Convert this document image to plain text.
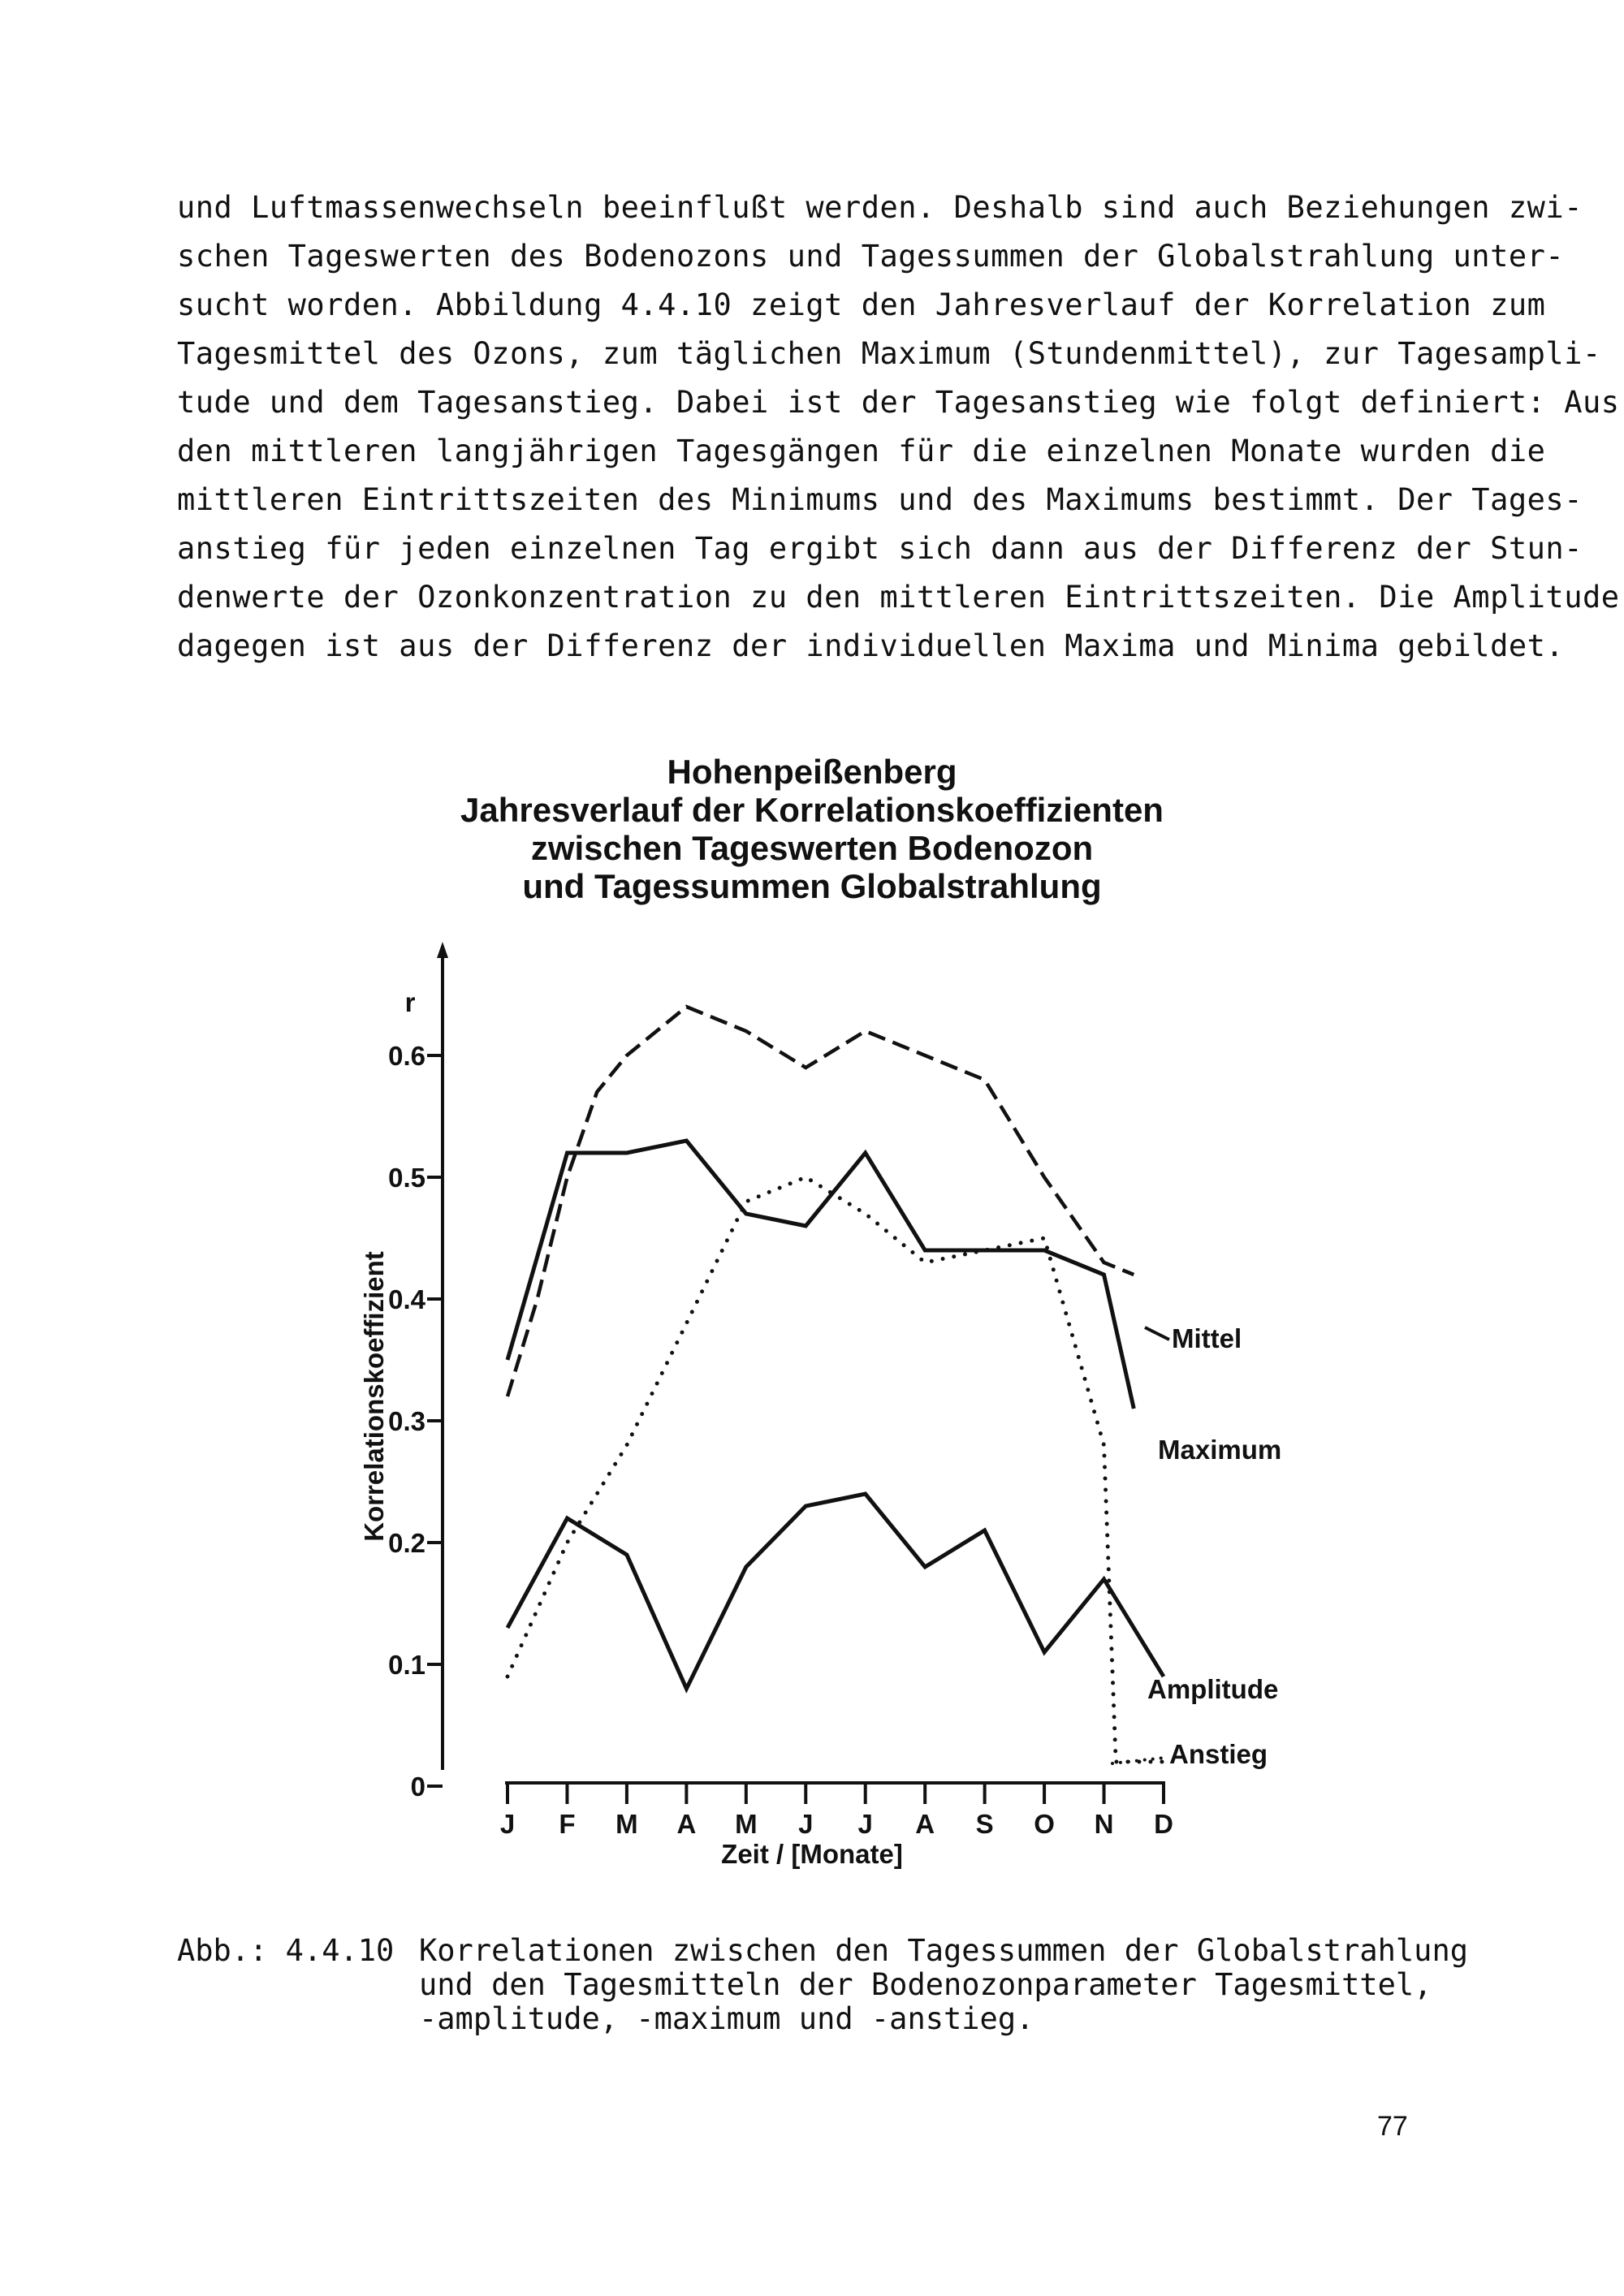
und Luftmassenwechseln beeinflußt werden. Deshalb sind auch Beziehungen zwi-
schen Tageswerten des Bodenozons und Tagessummen der Globalstrahlung unter-
sucht worden. Abbildung 4.4.10 zeigt den Jahresverlauf der Korrelation zum
Tagesmittel des Ozons, zum täglichen Maximum (Stundenmittel), zur Tagesampli-
tude und dem Tagesanstieg. Dabei ist der Tagesanstieg wie folgt definiert: Aus
den mittleren langjährigen Tagesgängen für die einzelnen Monate wurden die
mittleren Eintrittszeiten des Minimums und des Maximums bestimmt. Der Tages-
anstieg für jeden einzelnen Tag ergibt sich dann aus der Differenz der Stun-
denwerte der Ozonkonzentration zu den mittleren Eintrittszeiten. Die Amplitude
dagegen ist aus der Differenz der individuellen Maxima und Minima gebildet.
Hohenpeißenberg
Jahresverlauf der Korrelationskoeffizienten
zwischen Tageswerten Bodenozon
und Tagessummen Globalstrahlung
r
Korrelationskoeffizient
0
0.1
0.2
0.3
0.4
0.5
0.6
Zeit / [Monate]
J F M A M J J A S O N D
Mittel
Maximum
Amplitude
Anstieg
Abb.: 4.4.10 Korrelationen zwischen den Tagessummen der Globalstrahlung
und den Tagesmitteln der Bodenozonparameter Tagesmittel,
-amplitude, -maximum und -anstieg.
77
